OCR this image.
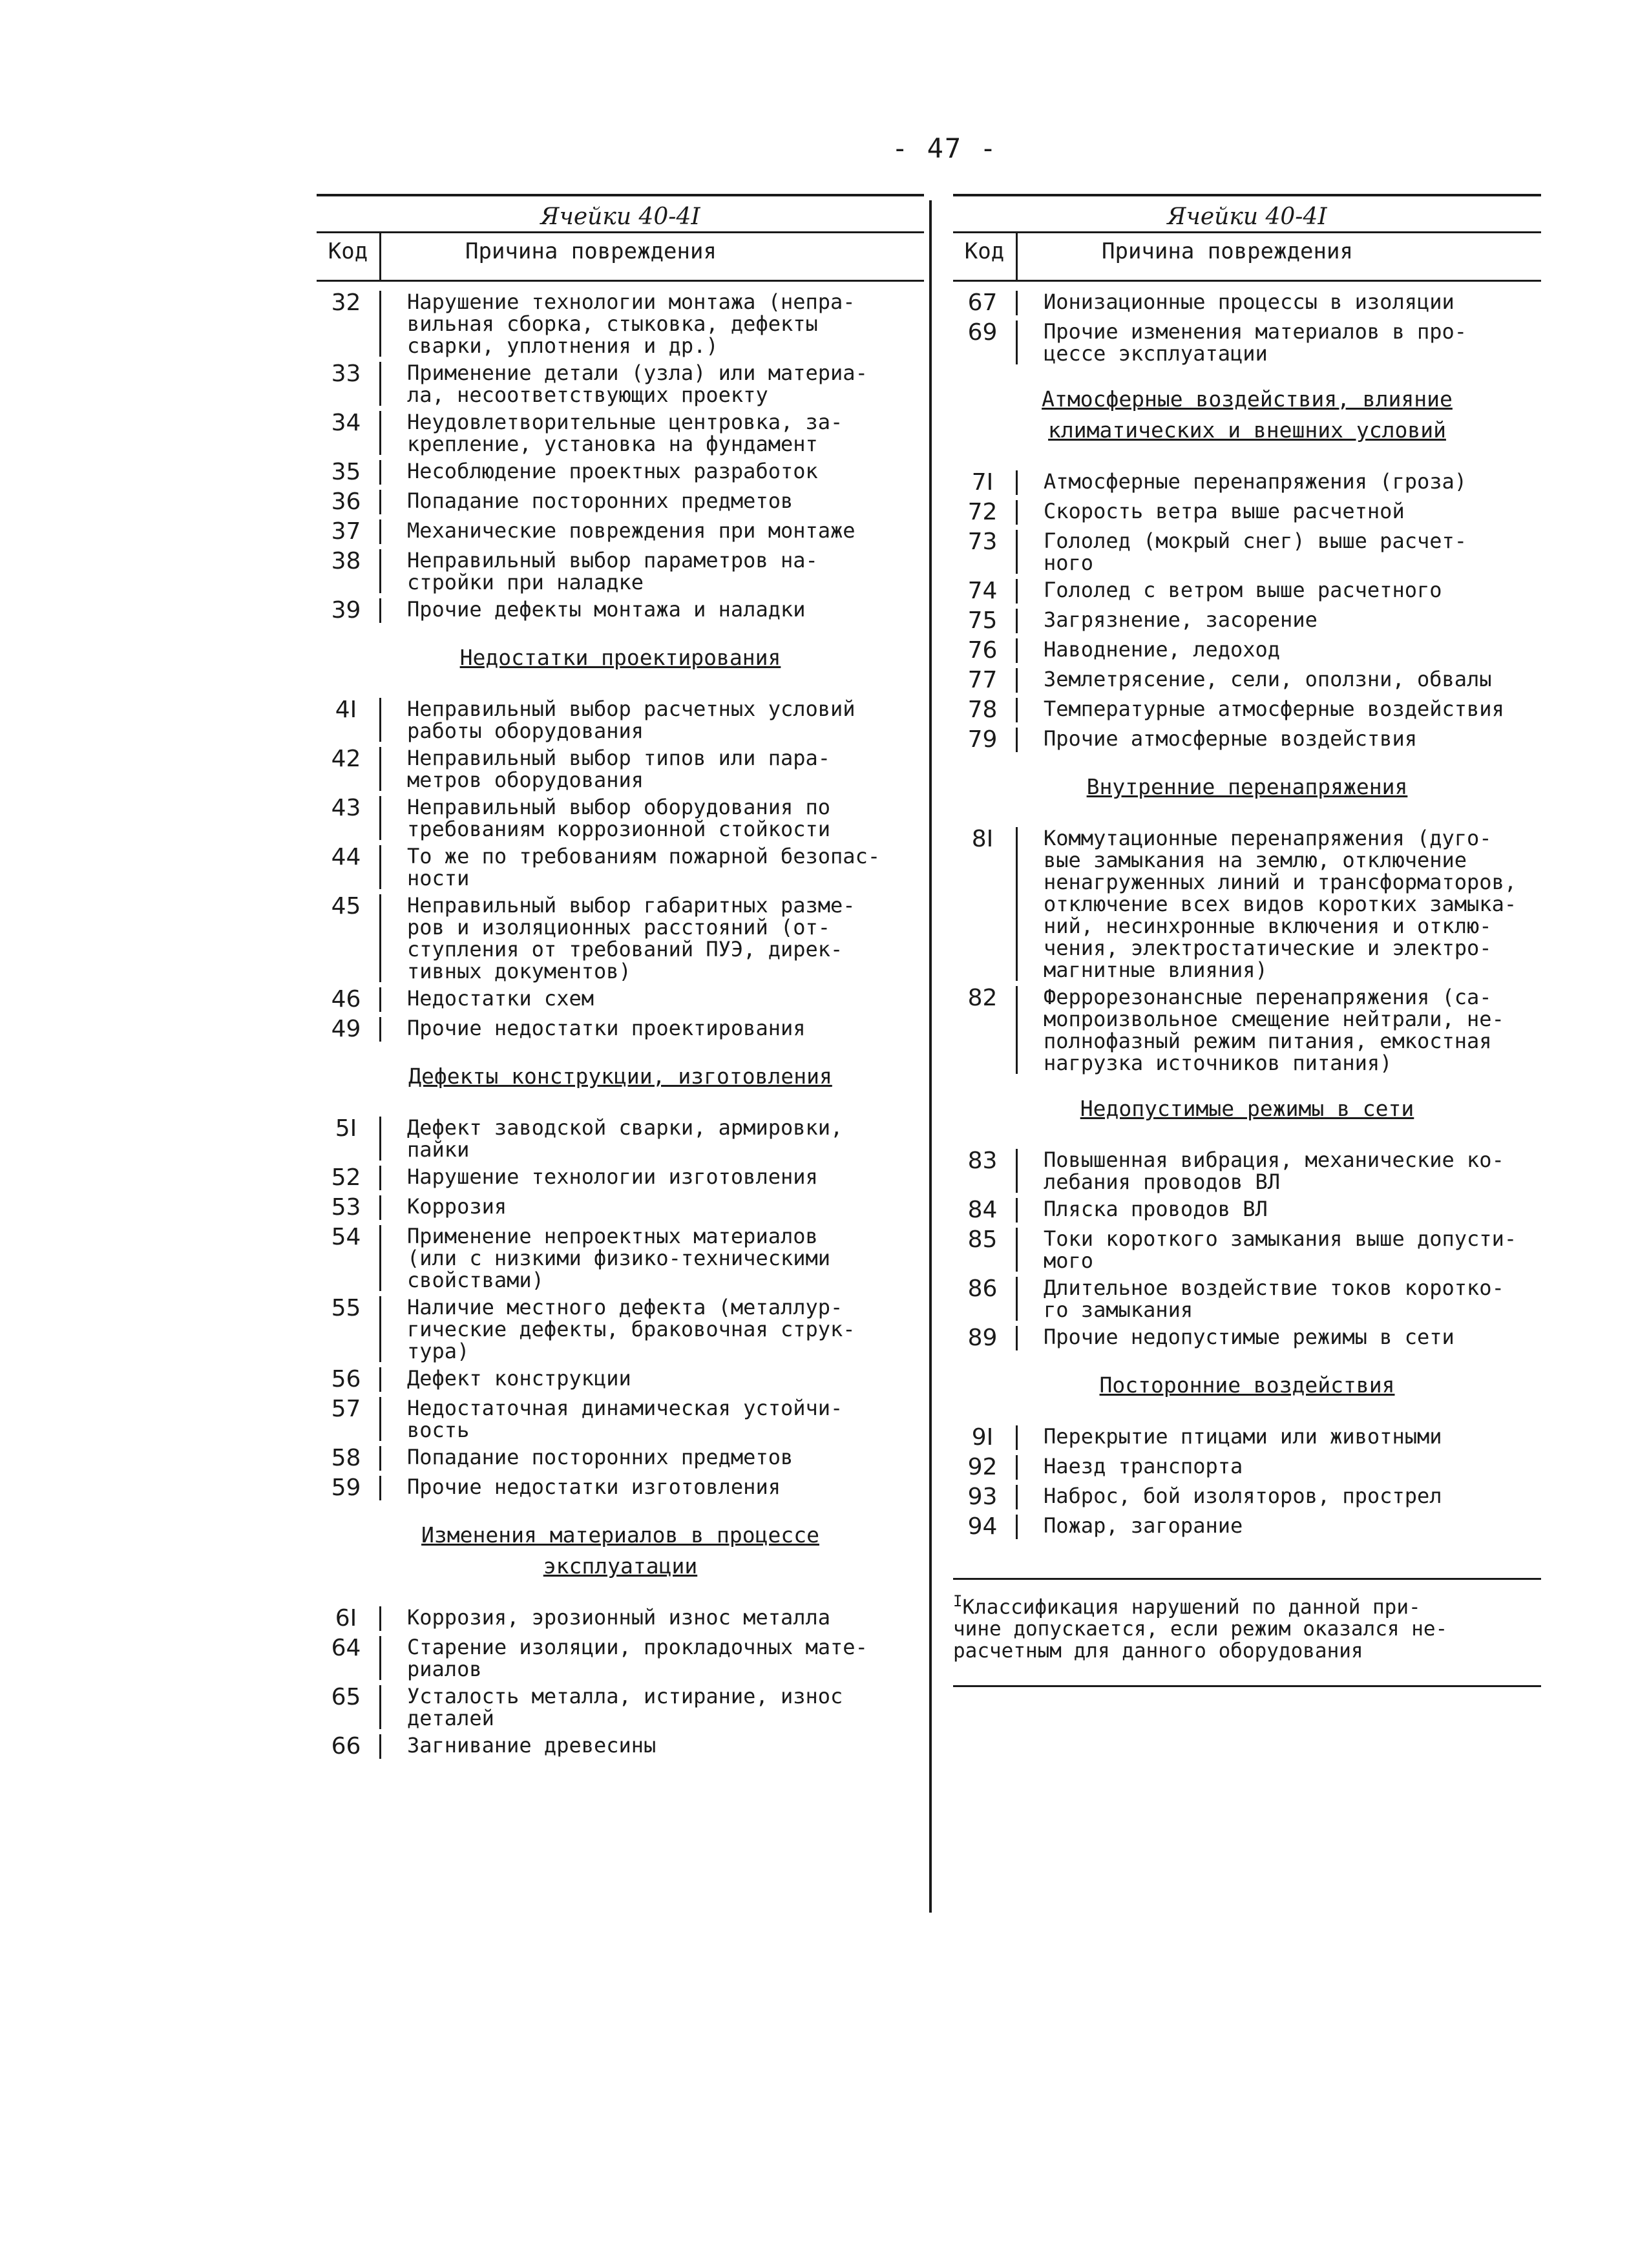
- 47 -
Ячейки 40-4I
Код	Причина повреждения
32	Нарушение технологии монтажа (непра-
вильная сборка, стыковка, дефекты
сварки, уплотнения и др.)
33	Применение детали (узла) или материа-
ла, несоответствующих проекту
34	Неудовлетворительные центровка, за-
крепление, установка на фундамент
35	Несоблюдение проектных разработок
36	Попадание посторонних предметов
37	Механические повреждения при монтаже
38	Неправильный выбор параметров на-
стройки при наладке
39	Прочие дефекты монтажа и наладки
Недостатки проектирования
4I	Неправильный выбор расчетных условий
работы оборудования
42	Неправильный выбор типов или пара-
метров оборудования
43	Неправильный выбор оборудования по
требованиям коррозионной стойкости
44	То же по требованиям пожарной безопас-
ности
45	Неправильный выбор габаритных разме-
ров и изоляционных расстояний (от-
ступления от требований ПУЭ, дирек-
тивных документов)
46	Недостатки схем
49	Прочие недостатки проектирования
Дефекты конструкции, изготовления
5I	Дефект заводской сварки, армировки,
пайки
52	Нарушение технологии изготовления
53	Коррозия
54	Применение непроектных материалов
(или с низкими физико-техническими
свойствами)
55	Наличие местного дефекта (металлур-
гические дефекты, браковочная струк-
тура)
56	Дефект конструкции
57	Недостаточная динамическая устойчи-
вость
58	Попадание посторонних предметов
59	Прочие недостатки изготовления
Изменения материалов в процессе
эксплуатации
6I	Коррозия, эрозионный износ металла
64	Старение изоляции, прокладочных мате-
риалов
65	Усталость металла, истирание, износ
деталей
66	Загнивание древесины
Ячейки 40-4I
Код	Причина повреждения
67	Ионизационные процессы в изоляции
69	Прочие изменения материалов в про-
цессе эксплуатации
Атмосферные воздействия, влияние
климатических и внешних условий
7I	Атмосферные перенапряжения (гроза)
72	Скорость ветра выше расчетной
73	Гололед (мокрый снег) выше расчет-
ного
74	Гололед с ветром выше расчетного
75	Загрязнение, засорение
76	Наводнение, ледоход
77	Землетрясение, сели, оползни, обвалы
78	Температурные атмосферные воздействия
79	Прочие атмосферные воздействия
Внутренние перенапряжения
8I	Коммутационные перенапряжения (дуго-
вые замыкания на землю, отключение
ненагруженных линий и трансформаторов,
отключение всех видов коротких замыка-
ний, несинхронные включения и отклю-
чения, электростатические и электро-
магнитные влияния)
82	Феррорезонансные перенапряжения (са-
мопроизвольное смещение нейтрали, не-
полнофазный режим питания, емкостная
нагрузка источников питания)
Недопустимые режимы в сети
83	Повышенная вибрация, механические ко-
лебания проводов ВЛ
84	Пляска проводов ВЛ
85	Токи короткого замыкания выше допусти-
мого
86	Длительное воздействие токов коротко-
го замыкания
89	Прочие недопустимые режимы в сети
Посторонние воздействия
9I	Перекрытие птицами или животными
92	Наезд транспорта
93	Наброс, бой изоляторов, прострел
94	Пожар, загорание
$^I$Классификация нарушений по данной при-
чине допускается, если режим оказался не-
расчетным для данного оборудования
